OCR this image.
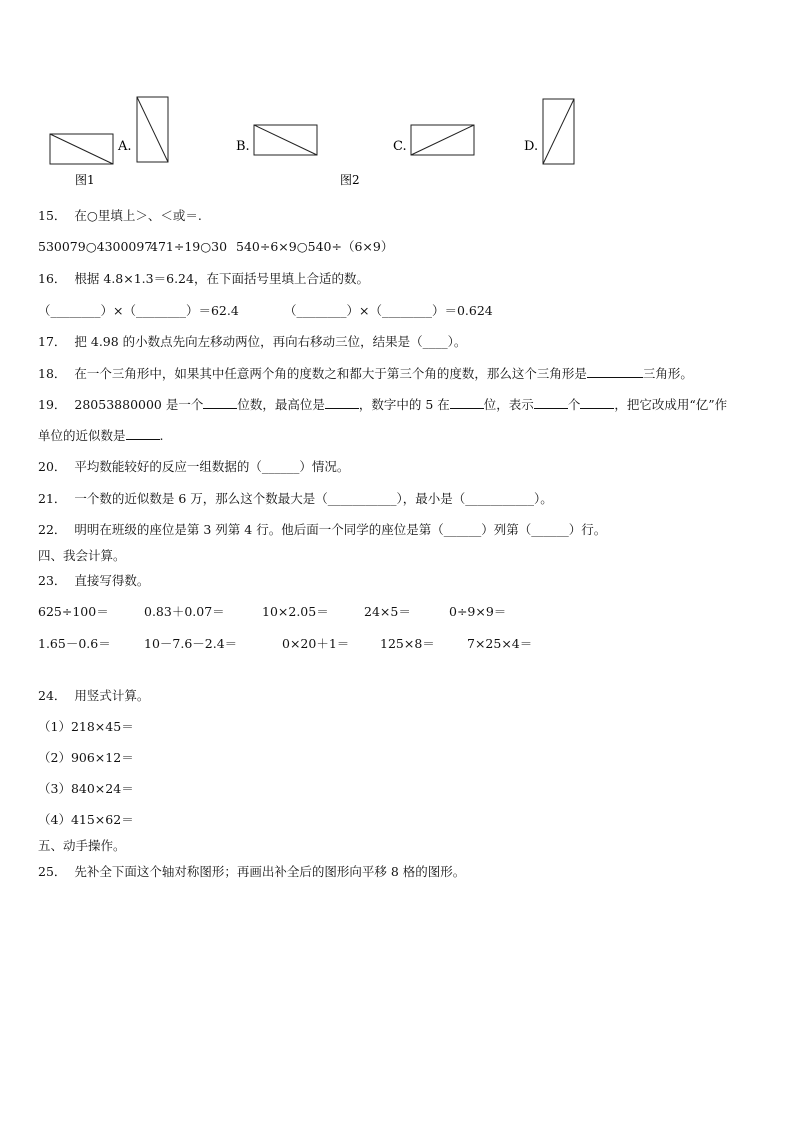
A.	B.	C.	D.
图1	图2
15． 在○里填上＞、＜或＝.
530079○4300097
471÷19○30 540÷6×9○540÷（6×9）
16． 根据 4.8×1.3＝6.24，在下面括号里填上合适的数。
（________）×（________）＝62.4	（________）×（________）＝0.624
17． 把 4.98 的小数点先向左移动两位，再向右移动三位，结果是（____）。
18． 在一个三角形中，如果其中任意两个角的度数之和都大于第三个角的度数，那么这个三角形是	三角形。
19． 28053880000 是一个	位数，最高位是	，数字中的 5 在	位，表示	个	，把它改成用“亿”作
单位的近似数是	.
20． 平均数能较好的反应一组数据的（______）情况。
21． 一个数的近似数是 6 万，那么这个数最大是（___________），最小是（___________）。
22． 明明在班级的座位是第 3 列第 4 行。他后面一个同学的座位是第（______）列第（______）行。
四、我会计算。
23． 直接写得数。
625÷100＝	0.83＋0.07＝	10×2.05＝	24×5＝	0÷9×9＝
1.65－0.6＝	10－7.6－2.4＝	0×20＋1＝ 125×8＝	7×25×4＝
24． 用竖式计算。
（1）218×45＝
（2）906×12＝
（3）840×24＝
（4）415×62＝
五、动手操作。
25． 先补全下面这个轴对称图形；再画出补全后的图形向平移 8 格的图形。
